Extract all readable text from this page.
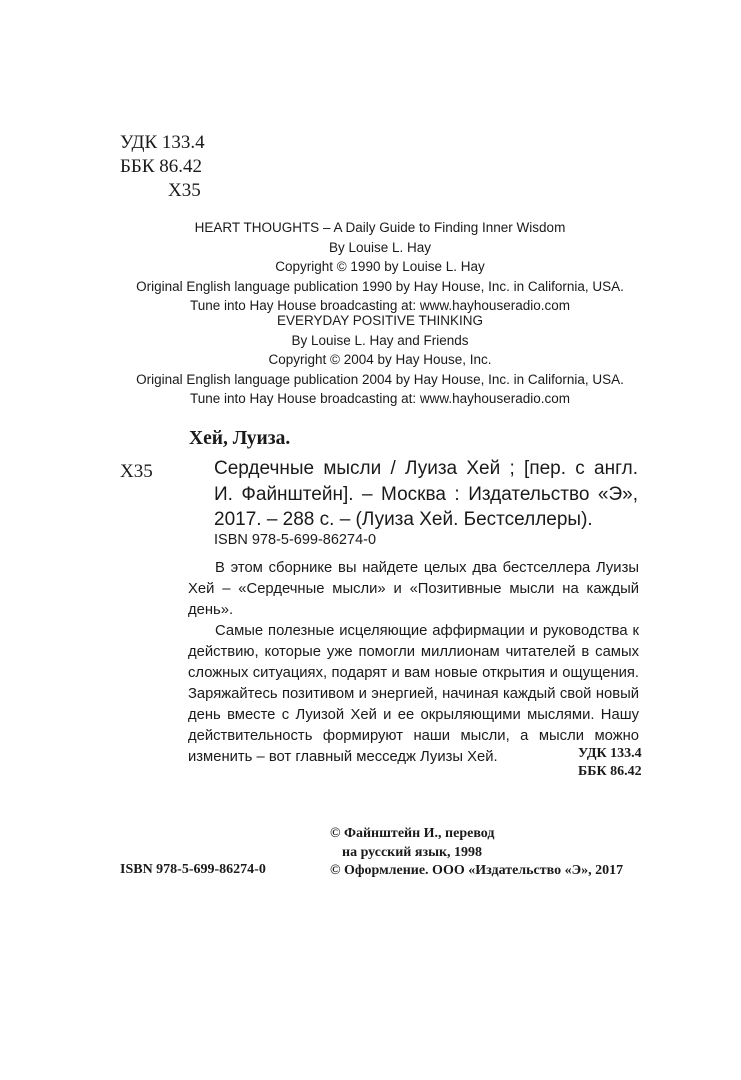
УДК 133.4
ББК 86.42
Х35
HEART THOUGHTS – A Daily Guide to Finding Inner Wisdom
By Louise L. Hay
Copyright © 1990 by Louise L. Hay
Original English language publication 1990 by Hay House, Inc. in California, USA.
Tune into Hay House broadcasting at: www.hayhouseradio.com
EVERYDAY POSITIVE THINKING
By Louise L. Hay and Friends
Copyright © 2004 by Hay House, Inc.
Original English language publication 2004 by Hay House, Inc. in California, USA.
Tune into Hay House broadcasting at: www.hayhouseradio.com
Хей, Луиза.
Х35	Сердечные мысли / Луиза Хей ; [пер. с англ.
И. Файнштейн]. – Москва : Издательство «Э»,
2017. – 288 с. – (Луиза Хей. Бестселлеры).
ISBN 978-5-699-86274-0

В этом сборнике вы найдете целых два бестселлера Луизы Хей – «Сердечные мысли» и «Позитивные мысли на каждый день».

Самые полезные исцеляющие аффирмации и руководства к действию, которые уже помогли миллионам читателей в самых сложных ситуациях, подарят и вам новые открытия и ощущения. Заряжайтесь позитивом и энергией, начиная каждый свой новый день вместе с Луизой Хей и ее окрыляющими мыслями. Нашу действительность формируют наши мысли, а мысли можно изменить – вот главный месседж Луизы Хей.	УДК 133.4
ББК 86.42
© Файнштейн И., перевод
на русский язык, 1998
© Оформление. ООО «Издательство «Э», 2017
ISBN 978-5-699-86274-0
